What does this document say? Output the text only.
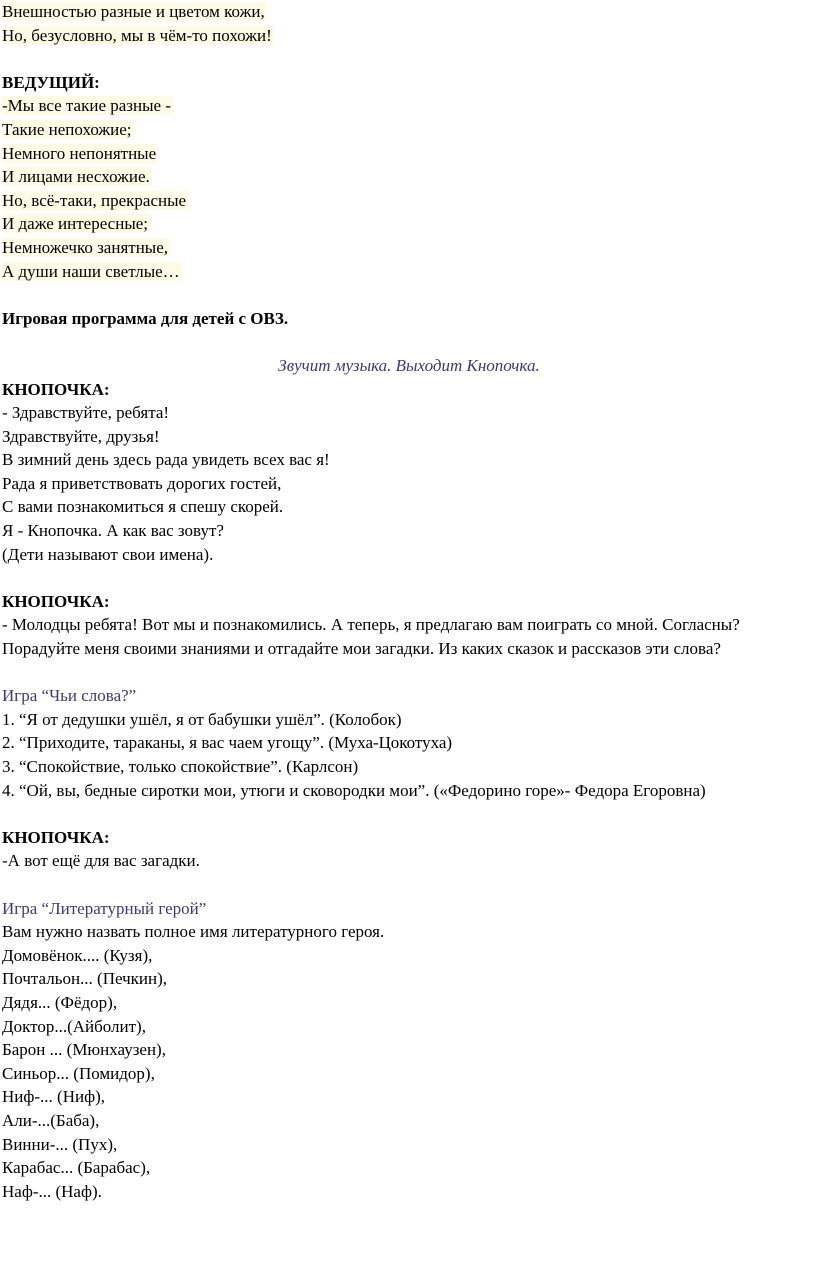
Внешностью разные и цветом кожи,
Но, безусловно, мы в чём-то похожи!
ВЕДУЩИЙ:
-Мы все такие разные -
Такие непохожие;
Немного непонятные
И лицами несхожие.
Но, всё-таки, прекрасные
И даже интересные;
Немножечко занятные,
А души наши светлые…
Игровая программа для детей с ОВЗ.
Звучит музыка. Выходит Кнопочка.
КНОПОЧКА:
- Здравствуйте, ребята!
Здравствуйте, друзья!
В зимний день здесь рада увидеть всех вас я!
Рада я приветствовать дорогих гостей,
С вами познакомиться я спешу скорей.
Я - Кнопочка. А как вас зовут?
(Дети называют свои имена).
КНОПОЧКА:
- Молодцы ребята! Вот мы и познакомились. А теперь, я предлагаю вам поиграть со мной. Согласны? Порадуйте меня своими знаниями и отгадайте мои загадки. Из каких сказок и рассказов эти слова?
Игра “Чьи слова?”
1. “Я от дедушки ушёл, я от бабушки ушёл”. (Колобок)
2. “Приходите, тараканы, я вас чаем угощу”. (Муха-Цокотуха)
3. “Спокойствие, только спокойствие”. (Карлсон)
4. “Ой, вы, бедные сиротки мои, утюги и сковородки мои”. («Федорино горе»- Федора Егоровна)
КНОПОЧКА:
-А вот ещё для вас загадки.
Игра “Литературный герой”
Вам нужно назвать полное имя литературного героя.
Домовёнок.... (Кузя),
Почтальон... (Печкин),
Дядя... (Фёдор),
Доктор...(Айболит),
Барон ... (Мюнхаузен),
Синьор... (Помидор),
Ниф-... (Ниф),
Али-...(Баба),
Винни-... (Пух),
Карабас... (Барабас),
Наф-... (Наф).
